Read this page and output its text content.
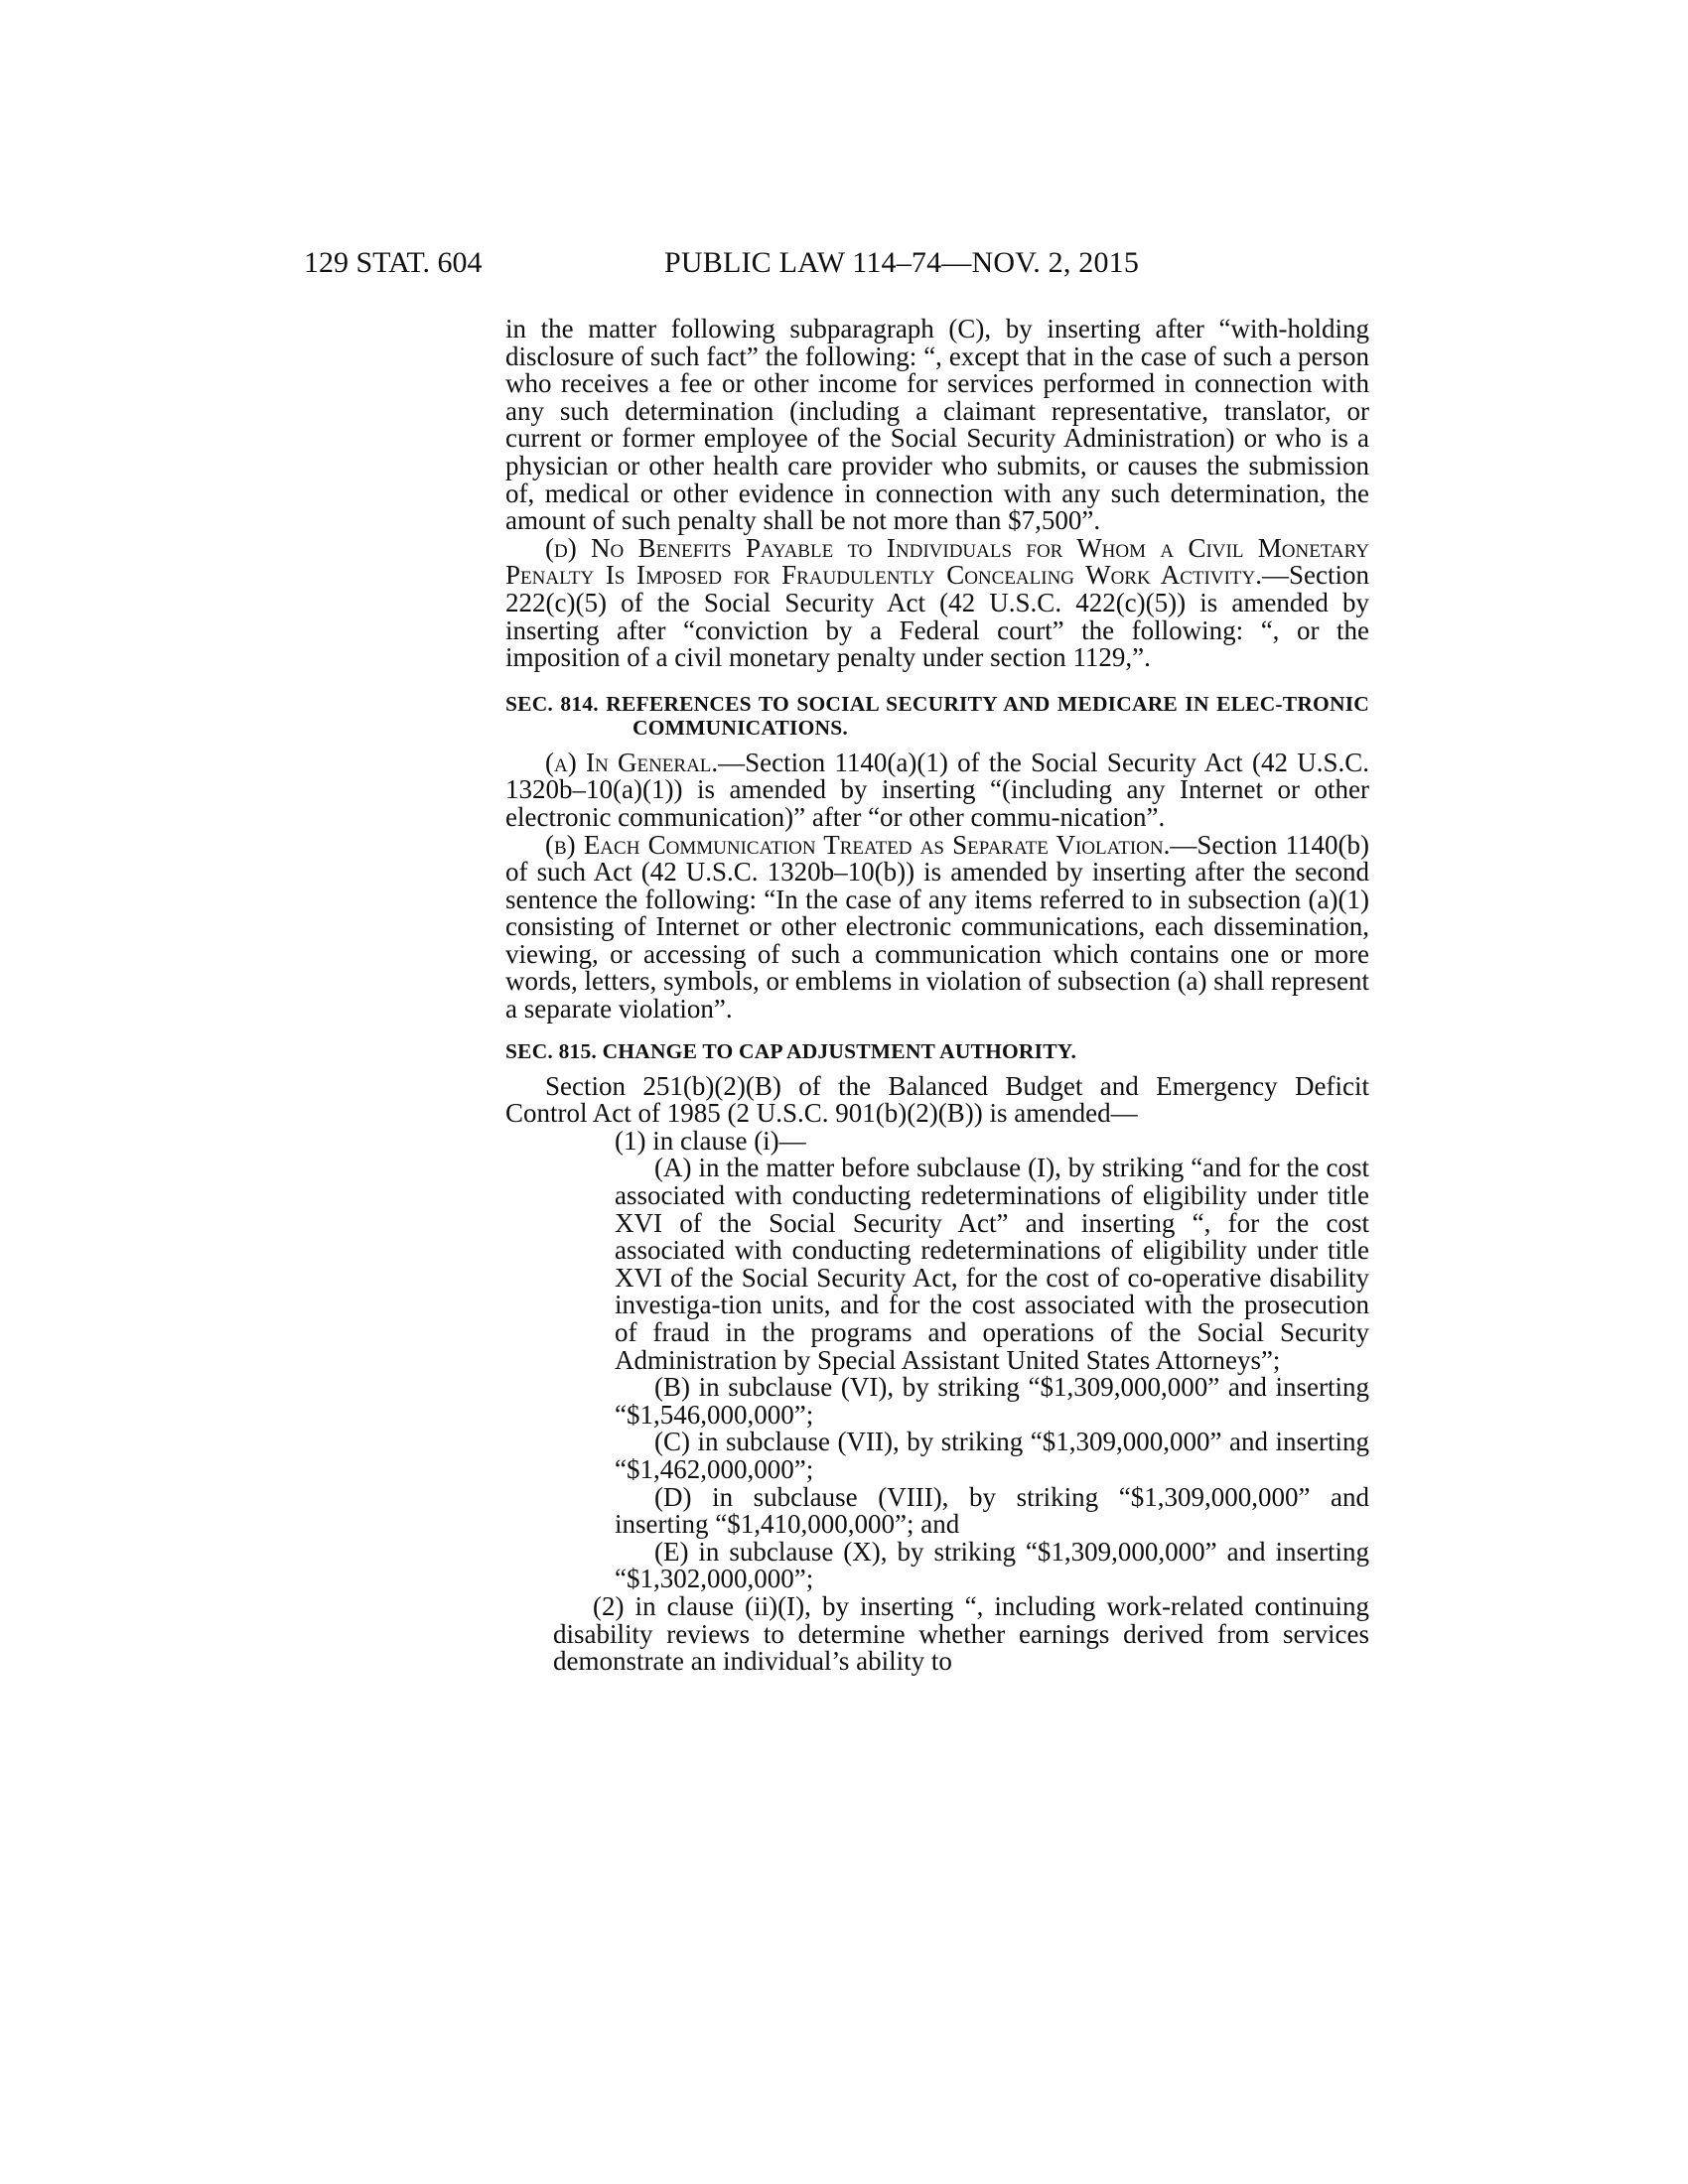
129 STAT. 604	PUBLIC LAW 114–74—NOV. 2, 2015

in the matter following subparagraph (C), by inserting after “with-holding disclosure of such fact” the following: “, except that in the case of such a person who receives a fee or other income for services performed in connection with any such determination (including a claimant representative, translator, or current or former employee of the Social Security Administration) or who is a physician or other health care provider who submits, or causes the submission of, medical or other evidence in connection with any such determination, the amount of such penalty shall be not more than $7,500”.

(d) No Benefits Payable to Individuals for Whom a Civil Monetary Penalty Is Imposed for Fraudulently Concealing Work Activity.—Section 222(c)(5) of the Social Security Act (42 U.S.C. 422(c)(5)) is amended by inserting after “conviction by a Federal court” the following: “, or the imposition of a civil monetary penalty under section 1129,”.

SEC. 814. REFERENCES TO SOCIAL SECURITY AND MEDICARE IN ELEC-TRONIC COMMUNICATIONS.

(a) In General.—Section 1140(a)(1) of the Social Security Act (42 U.S.C. 1320b–10(a)(1)) is amended by inserting “(including any Internet or other electronic communication)” after “or other commu-nication”.

(b) Each Communication Treated as Separate Violation.—Section 1140(b) of such Act (42 U.S.C. 1320b–10(b)) is amended by inserting after the second sentence the following: “In the case of any items referred to in subsection (a)(1) consisting of Internet or other electronic communications, each dissemination, viewing, or accessing of such a communication which contains one or more words, letters, symbols, or emblems in violation of subsection (a) shall represent a separate violation”.

SEC. 815. CHANGE TO CAP ADJUSTMENT AUTHORITY.

Section 251(b)(2)(B) of the Balanced Budget and Emergency Deficit Control Act of 1985 (2 U.S.C. 901(b)(2)(B)) is amended—

(1) in clause (i)—

(A) in the matter before subclause (I), by striking “and for the cost associated with conducting redeterminations of eligibility under title XVI of the Social Security Act” and inserting “, for the cost associated with conducting redeterminations of eligibility under title XVI of the Social Security Act, for the cost of co-operative disability investiga-tion units, and for the cost associated with the prosecution of fraud in the programs and operations of the Social Security Administration by Special Assistant United States Attorneys”;

(B) in subclause (VI), by striking “$1,309,000,000” and inserting “$1,546,000,000”;

(C) in subclause (VII), by striking “$1,309,000,000” and inserting “$1,462,000,000”;

(D) in subclause (VIII), by striking “$1,309,000,000” and inserting “$1,410,000,000”; and

(E) in subclause (X), by striking “$1,309,000,000” and inserting “$1,302,000,000”;

(2) in clause (ii)(I), by inserting “, including work-related continuing disability reviews to determine whether earnings derived from services demonstrate an individual’s ability to
